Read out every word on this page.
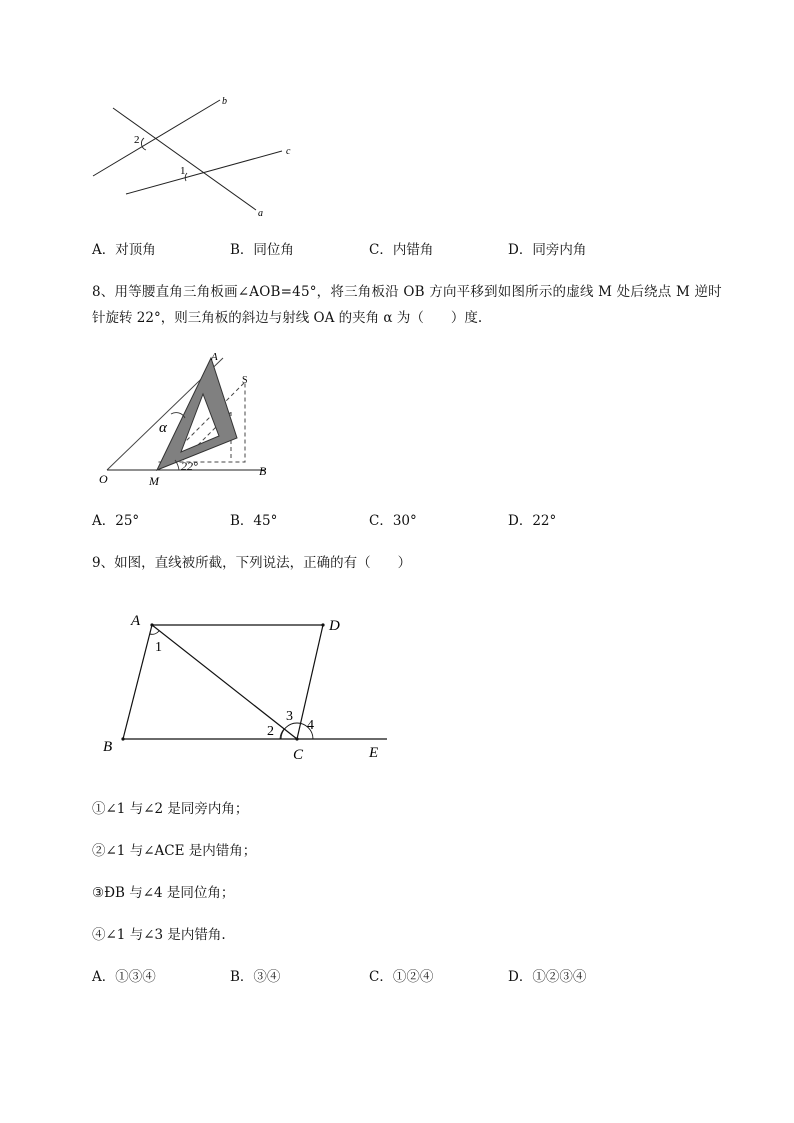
b
c
a
2
1
A．对顶角	B．同位角	C．内错角	D．同旁内角
8、用等腰直角三角板画∠AOB=45°，将三角板沿 OB 方向平移到如图所示的虚线 M 处后绕点 M 逆时
针旋转 22°，则三角板的斜边与射线 OA 的夹角 α 为（　　）度.
A
S
α
22°
O	M
B
A．25°	B．45°	C．30°	D．22°
9、如图，直线被所截，下列说法，正确的有（　　）
A	D
B	C	E
1
2
3
4
①∠1 与∠2 是同旁内角；
②∠1 与∠ACE 是内错角；
③ÐB 与∠4 是同位角；
④∠1 与∠3 是内错角.
A．①③④	B．③④	C．①②④	D．①②③④
